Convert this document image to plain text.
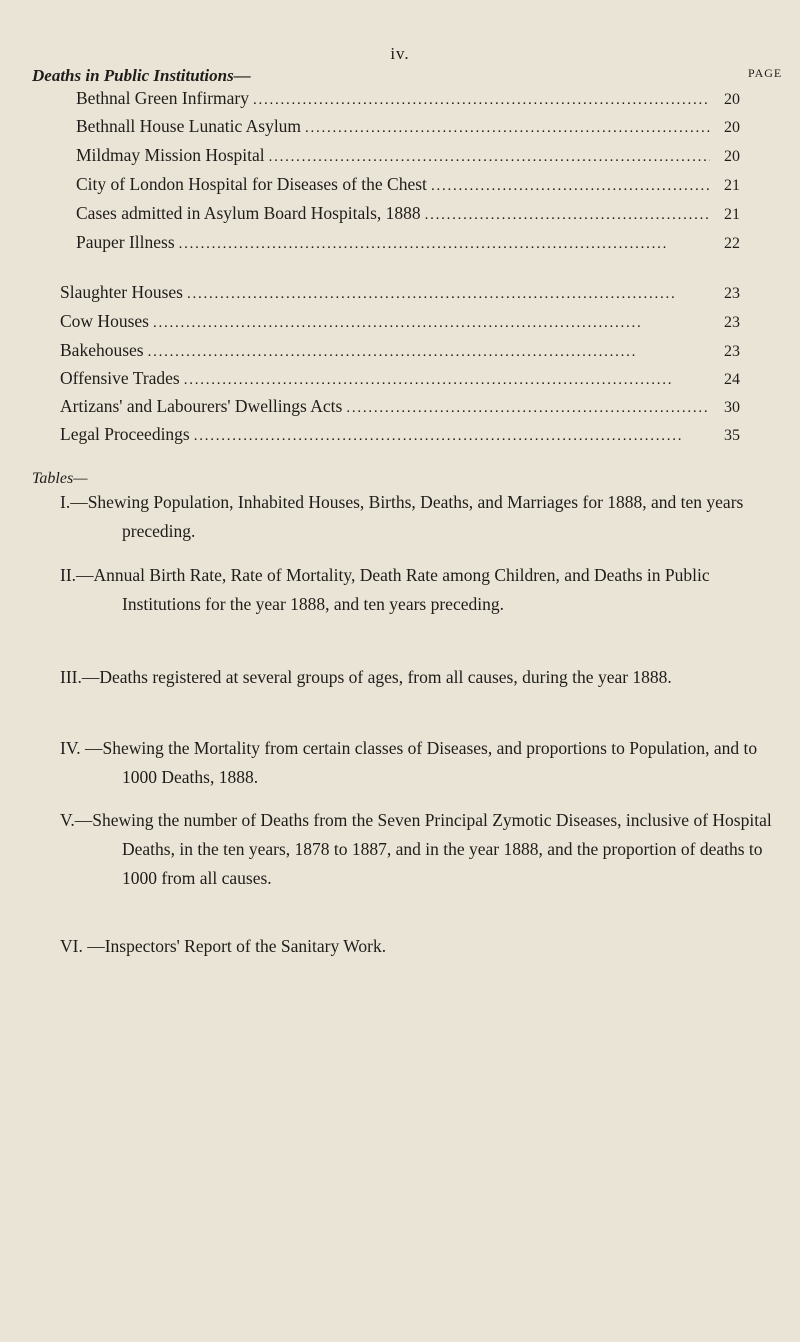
iv.
Deaths in Public Institutions—	PAGE
Bethnal Green Infirmary . . .	20
Bethnall House Lunatic Asylum . . .	20
Mildmay Mission Hospital . . .	20
City of London Hospital for Diseases of the Chest . . .	21
Cases admitted in Asylum Board Hospitals, 1888 . . .	21
Pauper Illness . . .	22
Slaughter Houses . . .	23
Cow Houses . . .	23
Bakehouses . . .	23
Offensive Trades . . .	24
Artizans' and Labourers' Dwellings Acts . . .	30
Legal Proceedings . . .	35
Tables—
I.—Shewing Population, Inhabited Houses, Births, Deaths, and Marriages for 1888, and ten years preceding.
II.—Annual Birth Rate, Rate of Mortality, Death Rate among Children, and Deaths in Public Institutions for the year 1888, and ten years preceding.
III.—Deaths registered at several groups of ages, from all causes, during the year 1888.
IV. —Shewing the Mortality from certain classes of Diseases, and proportions to Population, and to 1000 Deaths, 1888.
V.—Shewing the number of Deaths from the Seven Principal Zymotic Diseases, inclusive of Hospital Deaths, in the ten years, 1878 to 1887, and in the year 1888, and the proportion of deaths to 1000 from all causes.
VI. —Inspectors' Report of the Sanitary Work.
